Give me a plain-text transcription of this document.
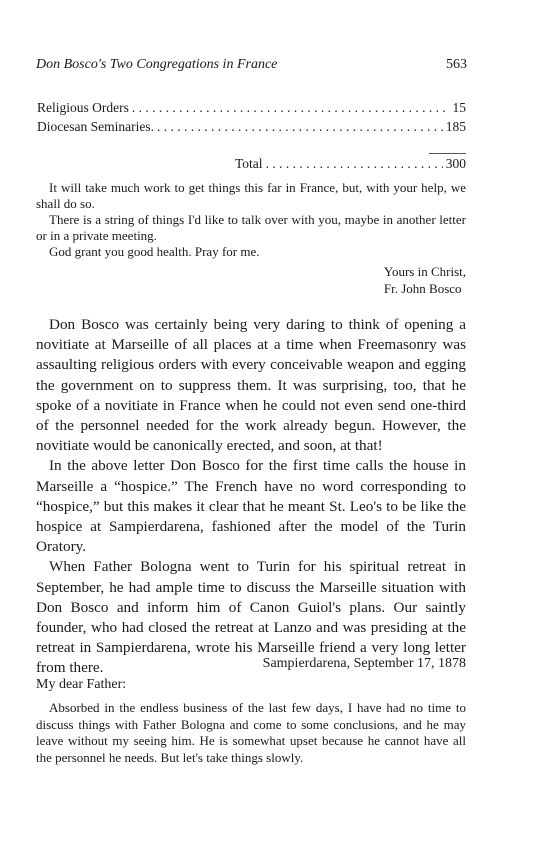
Don Bosco's Two Congregations in France	563
Religious Orders . . .	15
Diocesan Seminaries. . . .	185
Total . . .	300

It will take much work to get things this far in France, but, with your help, we shall do so.

There is a string of things I'd like to talk over with you, maybe in another letter or in a private meeting.

God grant you good health. Pray for me.

Yours in Christ,
Fr. John Bosco

Don Bosco was certainly being very daring to think of opening a novitiate at Marseille of all places at a time when Freemasonry was assaulting religious orders with every conceivable weapon and egging the government on to suppress them. It was surprising, too, that he spoke of a novitiate in France when he could not even send one-third of the personnel needed for the work already begun. However, the novitiate would be canonically erected, and soon, at that!

In the above letter Don Bosco for the first time calls the house in Marseille a “hospice.” The French have no word corresponding to “hospice,” but this makes it clear that he meant St. Leo's to be like the hospice at Sampierdarena, fashioned after the model of the Turin Oratory.

When Father Bologna went to Turin for his spiritual retreat in September, he had ample time to discuss the Marseille situation with Don Bosco and inform him of Canon Guiol's plans. Our saintly founder, who had closed the retreat at Lanzo and was presiding at the retreat in Sampierdarena, wrote his Marseille friend a very long letter from there.	Sampierdarena, September 17, 1878
My dear Father:

Absorbed in the endless business of the last few days, I have had no time to discuss things with Father Bologna and come to some conclusions, and he may leave without my seeing him. He is somewhat upset because he cannot have all the personnel he needs. But let's take things slowly.
